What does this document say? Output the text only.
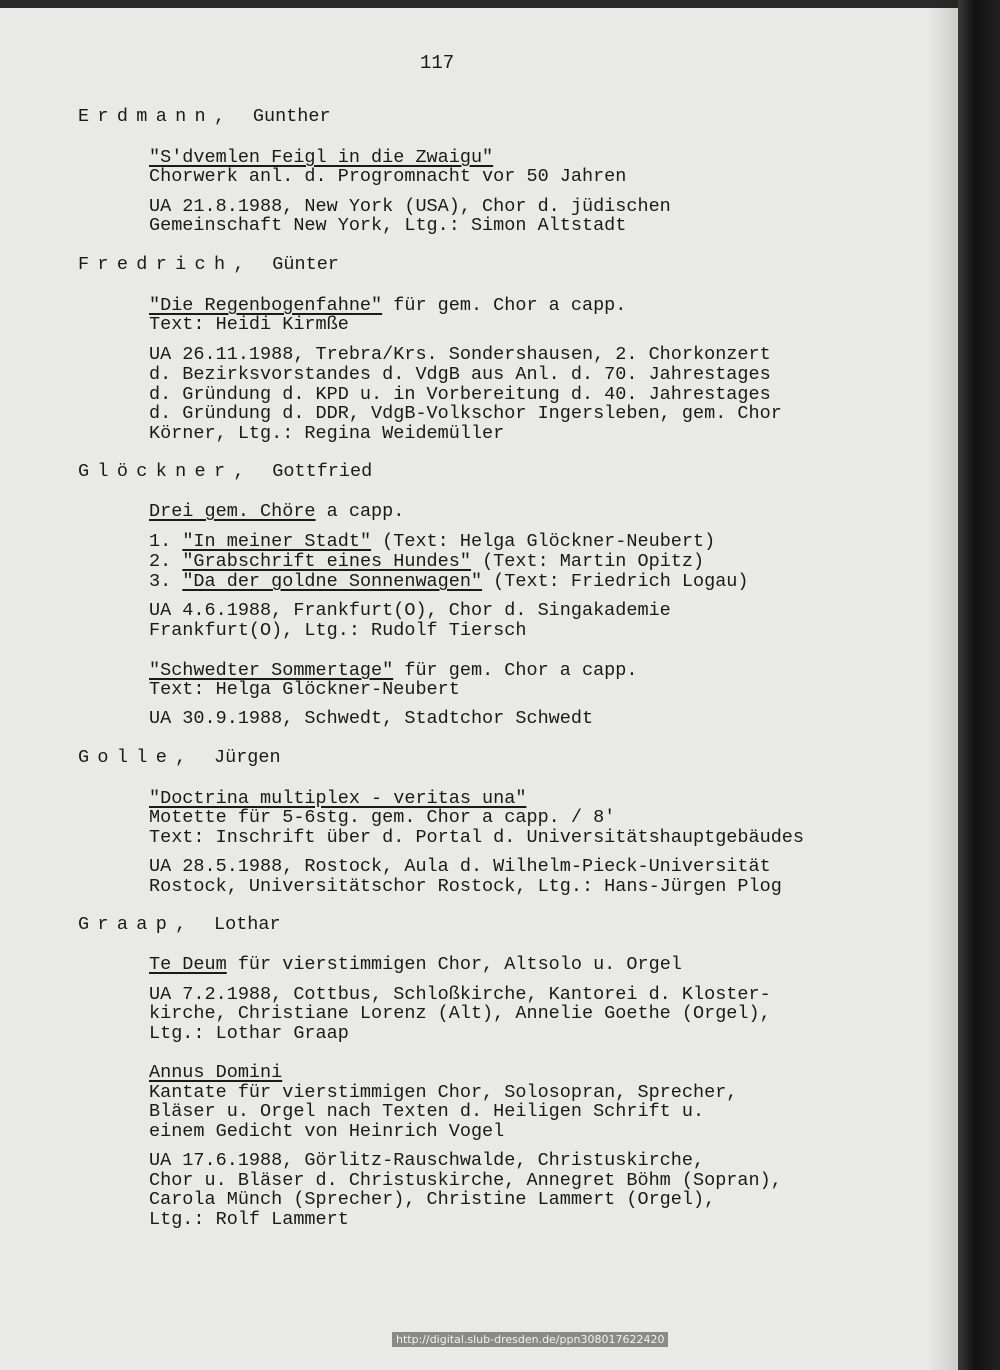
117
Erdmann, Gunther
"S'dvemlen Feigl in die Zwaigu"
Chorwerk anl. d. Progromnacht vor 50 Jahren
UA 21.8.1988, New York (USA), Chor d. jüdischen
Gemeinschaft New York, Ltg.: Simon Altstadt
Fredrich, Günter
"Die Regenbogenfahne" für gem. Chor a capp.
Text: Heidi Kirmße
UA 26.11.1988, Trebra/Krs. Sondershausen, 2. Chorkonzert
d. Bezirksvorstandes d. VdgB aus Anl. d. 70. Jahrestages
d. Gründung d. KPD u. in Vorbereitung d. 40. Jahrestages
d. Gründung d. DDR, VdgB-Volkschor Ingersleben, gem. Chor
Körner, Ltg.: Regina Weidemüller
Glöckner, Gottfried
Drei gem. Chöre a capp.
1. "In meiner Stadt" (Text: Helga Glöckner-Neubert)
2. "Grabschrift eines Hundes" (Text: Martin Opitz)
3. "Da der goldne Sonnenwagen" (Text: Friedrich Logau)
UA 4.6.1988, Frankfurt(O), Chor d. Singakademie
Frankfurt(O), Ltg.: Rudolf Tiersch
"Schwedter Sommertage" für gem. Chor a capp.
Text: Helga Glöckner-Neubert
UA 30.9.1988, Schwedt, Stadtchor Schwedt
Golle, Jürgen
"Doctrina multiplex - veritas una"
Motette für 5-6stg. gem. Chor a capp. / 8'
Text: Inschrift über d. Portal d. Universitätshauptgebäudes
UA 28.5.1988, Rostock, Aula d. Wilhelm-Pieck-Universität
Rostock, Universitätschor Rostock, Ltg.: Hans-Jürgen Plog
Graap, Lothar
Te Deum für vierstimmigen Chor, Altsolo u. Orgel
UA 7.2.1988, Cottbus, Schloßkirche, Kantorei d. Kloster-
kirche, Christiane Lorenz (Alt), Annelie Goethe (Orgel),
Ltg.: Lothar Graap
Annus Domini
Kantate für vierstimmigen Chor, Solosopran, Sprecher,
Bläser u. Orgel nach Texten d. Heiligen Schrift u.
einem Gedicht von Heinrich Vogel
UA 17.6.1988, Görlitz-Rauschwalde, Christuskirche,
Chor u. Bläser d. Christuskirche, Annegret Böhm (Sopran),
Carola Münch (Sprecher), Christine Lammert (Orgel),
Ltg.: Rolf Lammert
http://digital.slub-dresden.de/ppn308017622420
